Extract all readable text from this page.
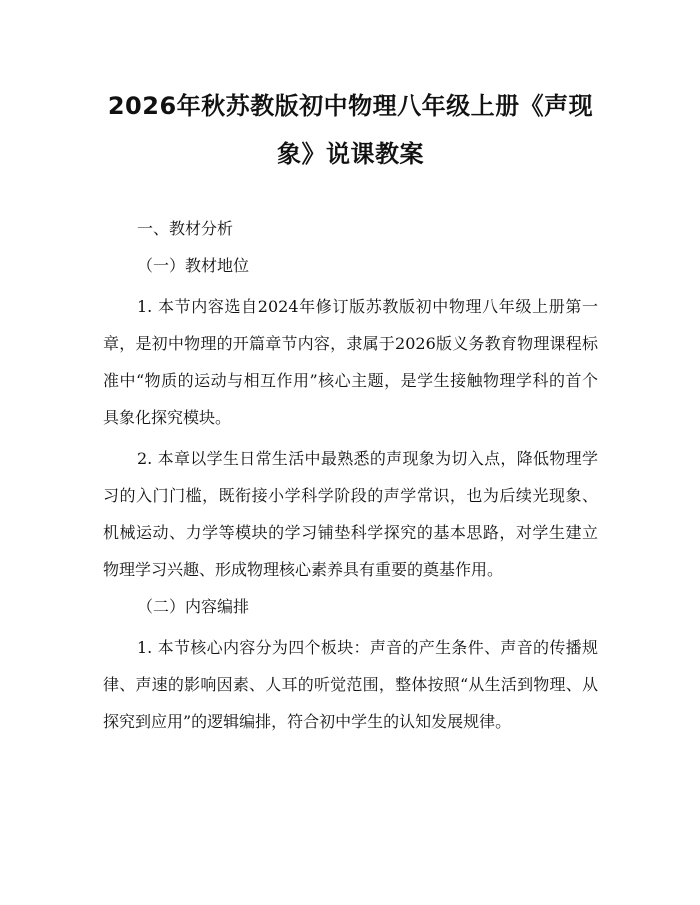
2026年秋苏教版初中物理八年级上册《声现象》说课教案
一、教材分析
（一）教材地位

1. 本节内容选自2024年修订版苏教版初中物理八年级上册第一章，是初中物理的开篇章节内容，隶属于2026版义务教育物理课程标准中“物质的运动与相互作用”核心主题，是学生接触物理学科的首个具象化探究模块。

2. 本章以学生日常生活中最熟悉的声现象为切入点，降低物理学习的入门门槛，既衔接小学科学阶段的声学常识，也为后续光现象、机械运动、力学等模块的学习铺垫科学探究的基本思路，对学生建立物理学习兴趣、形成物理核心素养具有重要的奠基作用。

（二）内容编排

1. 本节核心内容分为四个板块：声音的产生条件、声音的传播规律、声速的影响因素、人耳的听觉范围，整体按照“从生活到物理、从探究到应用”的逻辑编排，符合初中学生的认知发展规律。
